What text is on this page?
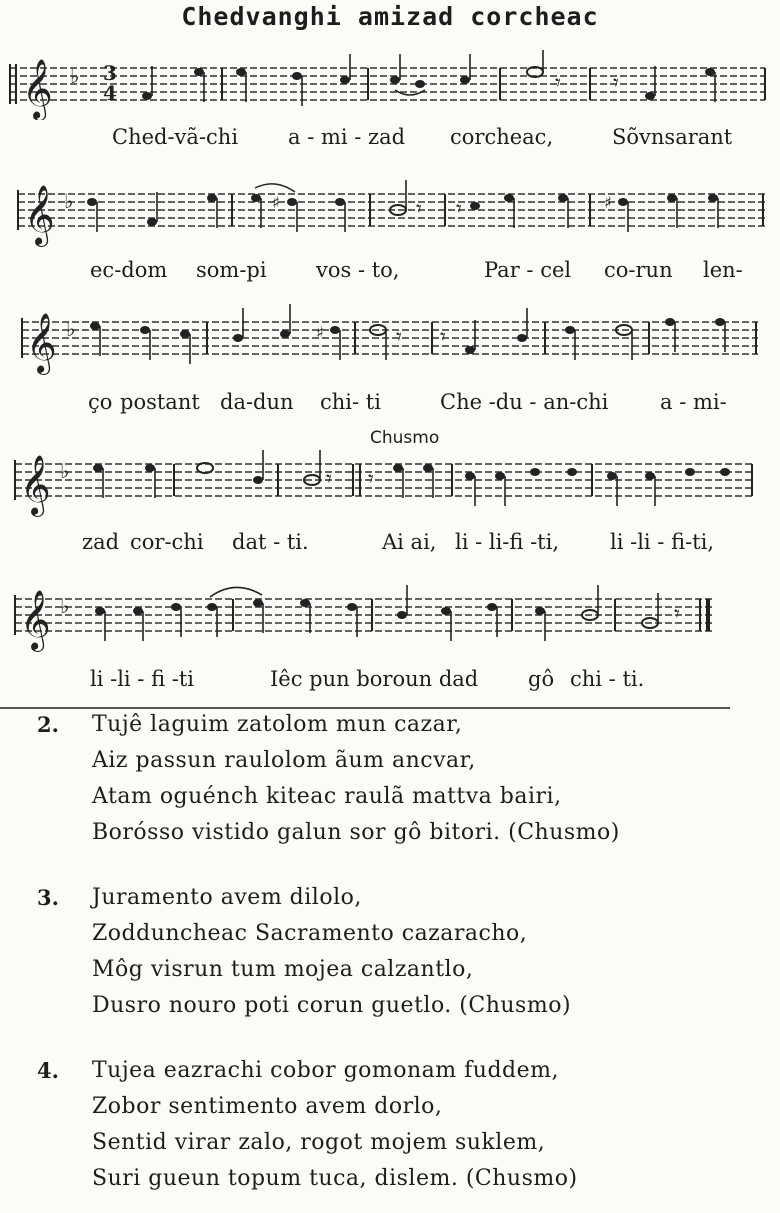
Chedvanghi amizad corcheac
𝄞 ♭ 3
4	𝄾 𝄾
Ched-vã-chi a - mi - zad corcheac,	Sõvnsarant
𝄞 ♭	♯	♯
𝄾 𝄾
ec-dom som-pi vos - to,	Par - cel co-run len-
𝄞 ♭	♯	𝄾 𝄾
ço postant da-dun chi- ti	Che -du - an-chi a - mi-
Chusmo
𝄞 ♭	𝄾 𝄾
zad cor-chi dat - ti.	Ai ai, li - li-fi -ti, li -li - fi-ti,
𝄞 ♭	𝄾
li -li - fi -ti	Iêc pun boroun dad gô chi - ti.
2. Tujê laguim zatolom mun cazar,
Aiz passun raulolom ãum ancvar,
Atam oguénch kiteac raulã mattva bairi,
Borósso vistido galun sor gô bitori. (Chusmo)
3. Juramento avem dilolo,
Zodduncheac Sacramento cazaracho,
Môg visrun tum mojea calzantlo,
Dusro nouro poti corun guetlo. (Chusmo)
4. Tujea eazrachi cobor gomonam fuddem,
Zobor sentimento avem dorlo,
Sentid virar zalo, rogot mojem suklem,
Suri gueun topum tuca, dislem. (Chusmo)
